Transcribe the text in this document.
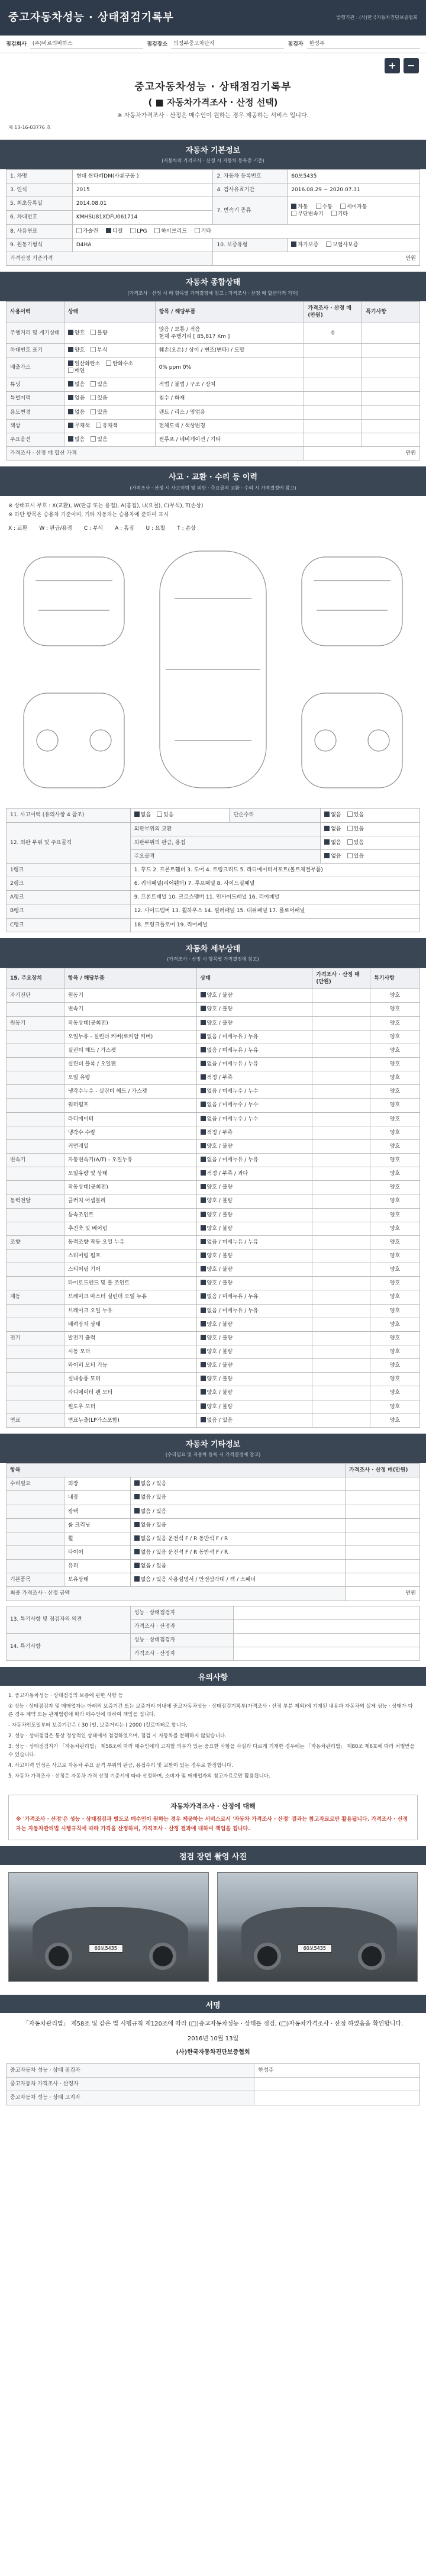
중고자동차성능 · 상태점검기록부	발행기관 : (사)한국자동차진단보증협회
점검회사	(주)비르의바하스	점검장소	의정부중고차단지	점검자	한성주
+	−
중고자동차성능 · 상태점검기록부
( ■ 자동차가격조사 · 산정 선택)
※ 자동차가격조사 · 산정은 매수인이 원하는 경우 제공하는 서비스 입니다.
제 13-16-03776 호
자동차 기본정보
(자동차의 가격조사 · 산정 시 자동차 등록증 기준)
1. 차명	현대 싼타페DM(사륜구동 )	2. 자동차 등록번호	60보5435
3. 연식	2015	4. 검사유효기간	2016.08.29 ~ 2020.07.31
5. 최초등록일	2014.08.01	7. 변속기 종류	자동 수동 세미자동
무단변속기 기타
6. 차대번호	KMHSU81XDFU061714		
8. 사용연료	가솔린 디젤 LPG 하이브리드 기타		
9. 원동기형식	D4HA	10. 보증유형	자가보증 보험사보증
가격산정 기준가격		만원	
자동차 종합상태
(가격조사 · 산정 시 매 항목별 가격결정에 참고 : 가격조사 · 산정 매 합산가격 기재)
사용이력	상태	항목 / 해당부품	가격조사 · 산정 매(만원)	특기사항
주행거리 및 계기상태	양호 불량	많음 / 보통 / 적음
현재 주행거리 [ 85,817 Km ]	0	
차대번호 표기	양호 부식	훼손(오손) / 상이 / 변조(변타) / 도말		

배출가스	일산화탄소 탄화수소매연	0% ppm 0%		

튜닝	없음 있음	적법 / 불법 / 구조 / 장치		

특별이력	없음 있음	침수 / 화재		

용도변경	없음 있음	렌트 / 리스 / 영업용		

색상	무채색 유채색	전체도색 / 색상변경		

주요옵션	없음 있음	썬루프 / 네비게이션 / 기타		

가격조사 · 산정 매 합산 가격			만원	
사고 · 교환 · 수리 등 이력
(가격조사 · 산정 시 사고이력 및 외판 · 주요골격 교환 · 수리 시 가격결정에 참고)
※ 상태표시 부호 : X(교환), W(판금 또는 용접), A(흠집), U(요철), C(부식), T(손상)
※ 하단 항목은 승용차 기준이며, 기타 자동차는 승용차에 준하여 표시
X : 교환 W : 판금/용접 C : 부식 A : 흠집 U : 요철 T : 손상
11. 사고이력 (유의사항 4 참조)	없음 있음	단순수리	없음 있음
12. 외판 부위 및 주요골격	외판부위의 교환		없음 있음
	외판부위의 판금, 용접		없음 있음
	주요골격		없음 있음
1랭크	1. 후드 2. 프론트휀더 3. 도어 4. 트렁크리드 5. 라디에이터서포트(볼트체결부품)		
2랭크	6. 쿼터패널(리어휀더) 7. 루프패널 8. 사이드실패널		
A랭크	9. 프론트패널 10. 크로스멤버 11. 인사이드패널 16. 리어패널		
B랭크	12. 사이드멤버 13. 휠하우스 14. 필러패널 15. 대쉬패널 17. 플로어패널		
C랭크	18. 트렁크플로어 19. 리어패널		
자동차 세부상태
(가격조사 · 산정 시 항목별 가격결정에 참고)
15. 주요장치	항목 / 해당부품	상태	가격조사 · 산정 매(만원)	특기사항
자기진단	원동기	양호 / 불량		양호
	변속기	양호 / 불량		양호
원동기	작동상태(공회전)	양호 / 불량		양호
	오일누유 - 실린더 커버(로커암 커버)	없음 / 미세누유 / 누유		양호
	실린더 헤드 / 가스켓	없음 / 미세누유 / 누유		양호
	실린더 블록 / 오일팬	없음 / 미세누유 / 누유		양호
	오일 유량	적정 / 부족		양호
	냉각수누수 - 실린더 헤드 / 가스켓	없음 / 미세누수 / 누수		양호
	워터펌프	없음 / 미세누수 / 누수		양호
	라디에이터	없음 / 미세누수 / 누수		양호
	냉각수 수량	적정 / 부족		양호
	커먼레일	양호 / 불량		양호
변속기	자동변속기(A/T) - 오일누유	없음 / 미세누유 / 누유		양호
	오일유량 및 상태	적정 / 부족 / 과다		양호
	작동상태(공회전)	양호 / 불량		양호
동력전달	클러치 어셈블리	양호 / 불량		양호
	등속조인트	양호 / 불량		양호
	추진축 및 베어링	양호 / 불량		양호
조향	동력조향 작동 오일 누유	없음 / 미세누유 / 누유		양호
	스티어링 펌프	양호 / 불량		양호
	스티어링 기어	양호 / 불량		양호
	타이로드엔드 및 볼 조인트	양호 / 불량		양호
제동	브레이크 마스터 실린더 오일 누유	없음 / 미세누유 / 누유		양호
	브레이크 오일 누유	없음 / 미세누유 / 누유		양호
	배력장치 상태	양호 / 불량		양호
전기	발전기 출력	양호 / 불량		양호
	시동 모터	양호 / 불량		양호
	와이퍼 모터 기능	양호 / 불량		양호
	실내송풍 모터	양호 / 불량		양호
	라디에이터 팬 모터	양호 / 불량		양호
	윈도우 모터	양호 / 불량		양호
연료	연료누출(LP가스포함)	없음 / 있음		양호
자동차 기타정보
(수리필요 및 자동차 등록 시 가격결정에 참고)
항목			가격조사 · 산정 매(만원)
수리필요	외장	없음 / 있음	
	내장	없음 / 있음	
	광택	없음 / 있음	
	룸 크리닝	없음 / 있음	
	휠	없음 / 있음 운전석 F / R 동반석 F / R	
	타이어	없음 / 있음 운전석 F / R 동반석 F / R	
	유리	없음 / 있음	
기본품목	보유상태	없음 / 있음 사용설명서 / 안전삼각대 / 잭 / 스패너	
최종 가격조사 · 산정 금액			만원
13. 특기사항 및 점검자의 의견	성능 · 상태점검자	
	가격조사 · 산정자	
14. 특기사항	성능 · 상태점검자	
	가격조사 · 산정자	
유의사항
1. 중고자동차성능 · 상태점검의 보증에 관한 사항 등
① 성능 · 상태점검자 및 매매업자는 아래의 보증기간 또는 보증거리 이내에 중고자동차성능 · 상태점검기록부(가격조사 · 산정 부분 제외)에 기재된 내용과 자동차의 실제 성능 · 상태가 다른 경우 계약 또는 관계법령에 따라 매수인에 대하여 책임을 집니다.
- 자동차인도일부터 보증기간은 ( 30 )일, 보증거리는 ( 2000 )킬로미터로 합니다.
2. 성능 · 상태점검은 통상 정상적인 상태에서 점검하였으며, 점검 시 자동차를 분해하지 않았습니다.
3. 성능 · 상태점검자가 「자동차관리법」 제58조에 따라 매수인에게 고지할 의무가 있는 중요한 사항을 사실과 다르게 기재한 경우에는 「자동차관리법」 제80조 제6호에 따라 처벌받을 수 있습니다.
4. 사고이력 인정은 사고로 자동차 주요 골격 부위의 판금, 용접수리 및 교환이 있는 경우로 한정합니다.
5. 자동차 가격조사 · 산정은 자동차 가격 산정 기준서에 따라 산정하며, 소비자 및 매매업자의 참고자료로만 활용됩니다.
자동차가격조사 · 산정에 대해
※ '가격조사 · 산정'은 성능 · 상태점검과 별도로 매수인이 원하는 경우 제공하는 서비스로서 '자동차 가격조사 · 산정' 결과는 참고자료로만 활용됩니다. 가격조사 · 산정자는 자동차관리법 시행규칙에 따라 가격을 산정하며, 가격조사 · 산정 결과에 대하여 책임을 집니다.
점검 장면 촬영 사진
60보5435	60보5435
서명
「자동차관리법」 제58조 및 같은 법 시행규칙 제120조에 따라 (□)중고자동차성능 · 상태를 점검, (□)자동차가격조사 · 산정 하였음을 확인합니다.
2016년 10월 13일
(사)한국자동차진단보증협회
중고자동차 성능 · 상태 점검자	한성주
중고자동차 가격조사 · 산정자	
중고자동차 성능 · 상태 고지자	
